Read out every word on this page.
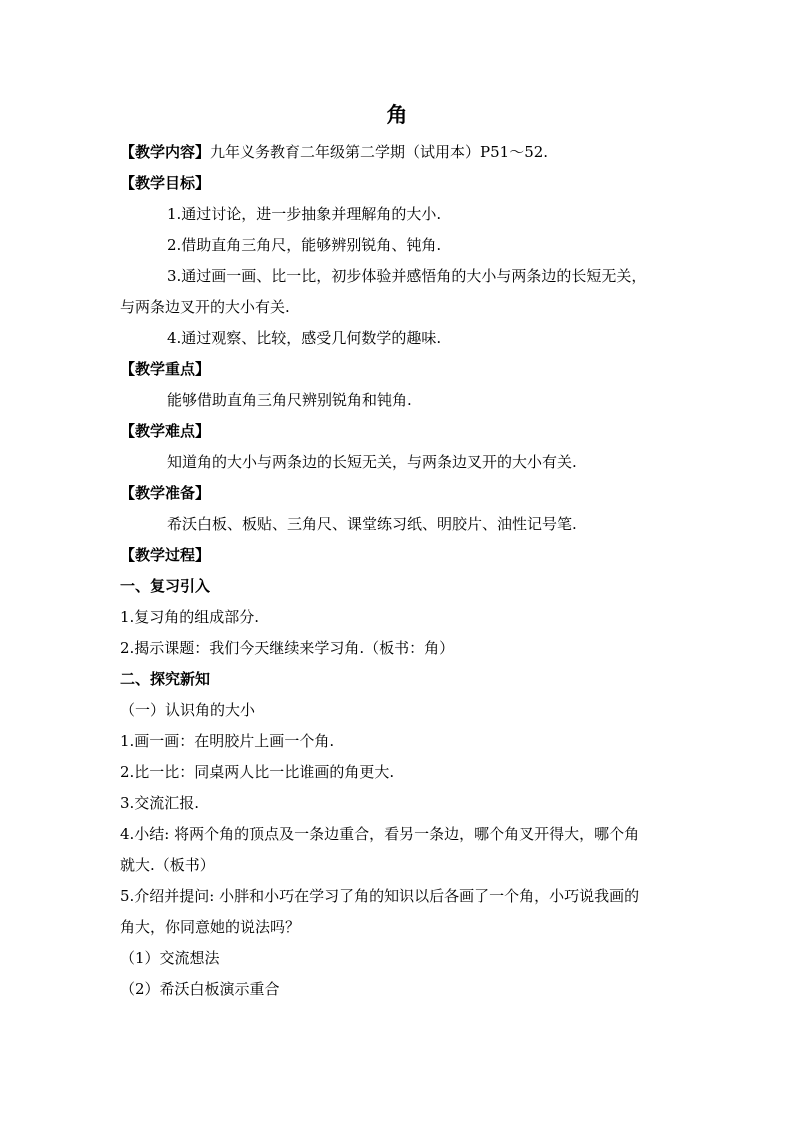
角

【教学内容】九年义务教育二年级第二学期（试用本）P51～52.

【教学目标】

1.通过讨论，进一步抽象并理解角的大小.

2.借助直角三角尺，能够辨别锐角、钝角.

3.通过画一画、比一比，初步体验并感悟角的大小与两条边的长短无关，

与两条边叉开的大小有关.

4.通过观察、比较，感受几何数学的趣味.

【教学重点】

能够借助直角三角尺辨别锐角和钝角.

【教学难点】

知道角的大小与两条边的长短无关，与两条边叉开的大小有关.

【教学准备】

希沃白板、板贴、三角尺、课堂练习纸、明胶片、油性记号笔.

【教学过程】

一、复习引入

1.复习角的组成部分.

2.揭示课题：我们今天继续来学习角.（板书：角）

二、探究新知

（一）认识角的大小

1.画一画：在明胶片上画一个角.

2.比一比：同桌两人比一比谁画的角更大.

3.交流汇报.

4.小结: 将两个角的顶点及一条边重合，看另一条边，哪个角叉开得大，哪个角

就大.（板书）

5.介绍并提问: 小胖和小巧在学习了角的知识以后各画了一个角，小巧说我画的

角大，你同意她的说法吗？

（1）交流想法

（2）希沃白板演示重合
